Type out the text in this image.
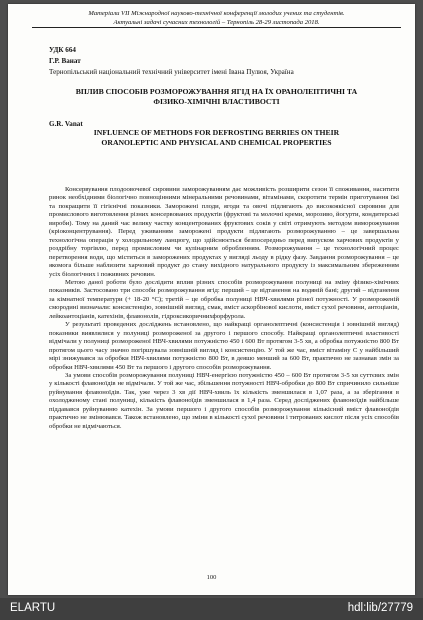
Матеріали VІІ Міжнародної науково-технічної конференції молодих учених та студентів.
Актуальні задачі сучасних технологій – Тернопіль 28-29 листопада 2018.
УДК 664
Г.Р. Ванат
Тернопільський національний технічний університет імені Івана Пулюя, Україна
ВПЛИВ СПОСОБІВ РОЗМОРОЖУВАННЯ ЯГІД НА ЇХ ОРАНОЛЕПТИЧНІ ТА
ФІЗИКО-ХІМІЧНІ ВЛАСТИВОСТІ
G.R. Vanat
INFLUENCE OF METHODS FOR DEFROSTING BERRIES ON THEIR
ORANOLEPTIC AND PHYSICAL AND CHEMICAL PROPERTIES

Консервування плодоовочевої сировини заморожуванням дає можливість розширити сезон її споживання, наситити ринок необхідними біологічно повноцінними мінеральними речовинами, вітамінами, скоротити термін приготування їжі та покращити її гігієнічні показники. Заморожені плоди, ягоди та овочі підлягають до високоякісної сировини для промислового виготовлення різних консервованих продуктів (фруктові та молочні креми, морозиво, йогурти, кондитерські вироби). Тому на даний час велику частку концентрованих фруктових соків у світі отримують методом виморожування (кріоконцентрування). Перед уживанням заморожені продукти підлягають розморожуванню – це завершальна технологічна операція у холодильному ланцюгу, що здійснюється безпосередньо перед випуском харчових продуктів у роздрібну торгівлю, перед промисловим чи кулінарним обробленням. Розморожування – це технологічний процес перетворення води, що міститься в заморожених продуктах у вигляді льоду в рідку фазу. Завдання розморожування – це якомога більше наблизити харчовий продукт до стану вихідного натурального продукту із максимальним збереженням усіх біологічних і поживних речовин.

Метою даної роботи було дослідити вплив різних способів розморожування полуниці на зміну фізико-хімічних показників. Застосовано три способи розморожування ягід: перший – це відтанення на водяній бані; другий – відтанення за кімнатної температури (+ 18-20 °С); третій – це обробка полуниці НВЧ-хвилями різної потужності. У розмороженій смородині визначали: консистенцію, зовнішній вигляд, смак, вміст аскорбінової кислоти, вміст сухої речовини, антоціанів, лейкоантоціанів, катехінів, флавонолів, гідроксикоричнихфорфурола.

У результаті проведених досліджень встановлено, що найкращі органолептичні (консистенція і зовнішній вигляд) показники виявлялися у полуниці розмороженої за другого і першого способу. Найкращі органолептичні властивості відмічали у полуниці розмороженої НВЧ-хвилями потужністю 450 і 600 Вт протягом 3-5 хв, а обробка потужністю 800 Вт протягом цього часу значно погіршувала зовнішній вигляд і консистенцію. У той же час, вміст вітаміну С у найбільший мірі знижувався за обробки НВЧ-хвилями потужністю 800 Вт, в деяшо менший за 600 Вт, практично не зазнавав змін за обробки НВЧ-хвилями 450 Вт та першого і другого способів розморожування.

За умови способів розморожування полуниці НВЧ-енергією потужністю 450 – 600 Вт протягом 3-5 хв суттєвих змін у кількості флавоноїдів не відмічали. У той же час, збільшення потужності НВЧ-обробки до 800 Вт спричинило сильніше руйнування флавоноїдів. Так, уже через 3 хв дії НВЧ-хвиль їх кількість зменшилася в 1,07 раза, а за зберігання в охолодженому стані полуниці, кількість флавоноїдів зменшилася в 1,4 раза. Серед досліджених флавоноїдів найбільше піддавався руйнуванню катехін. За умови першого і другого способів розморожування кількісний вміст флавоноїдів практично не змінювався. Також встановлено, що зміни в кількості сухої речовини і титрованих кислот після усіх способів обробки не відмічаються.

100
ELARTU	hdl:lib/27779
